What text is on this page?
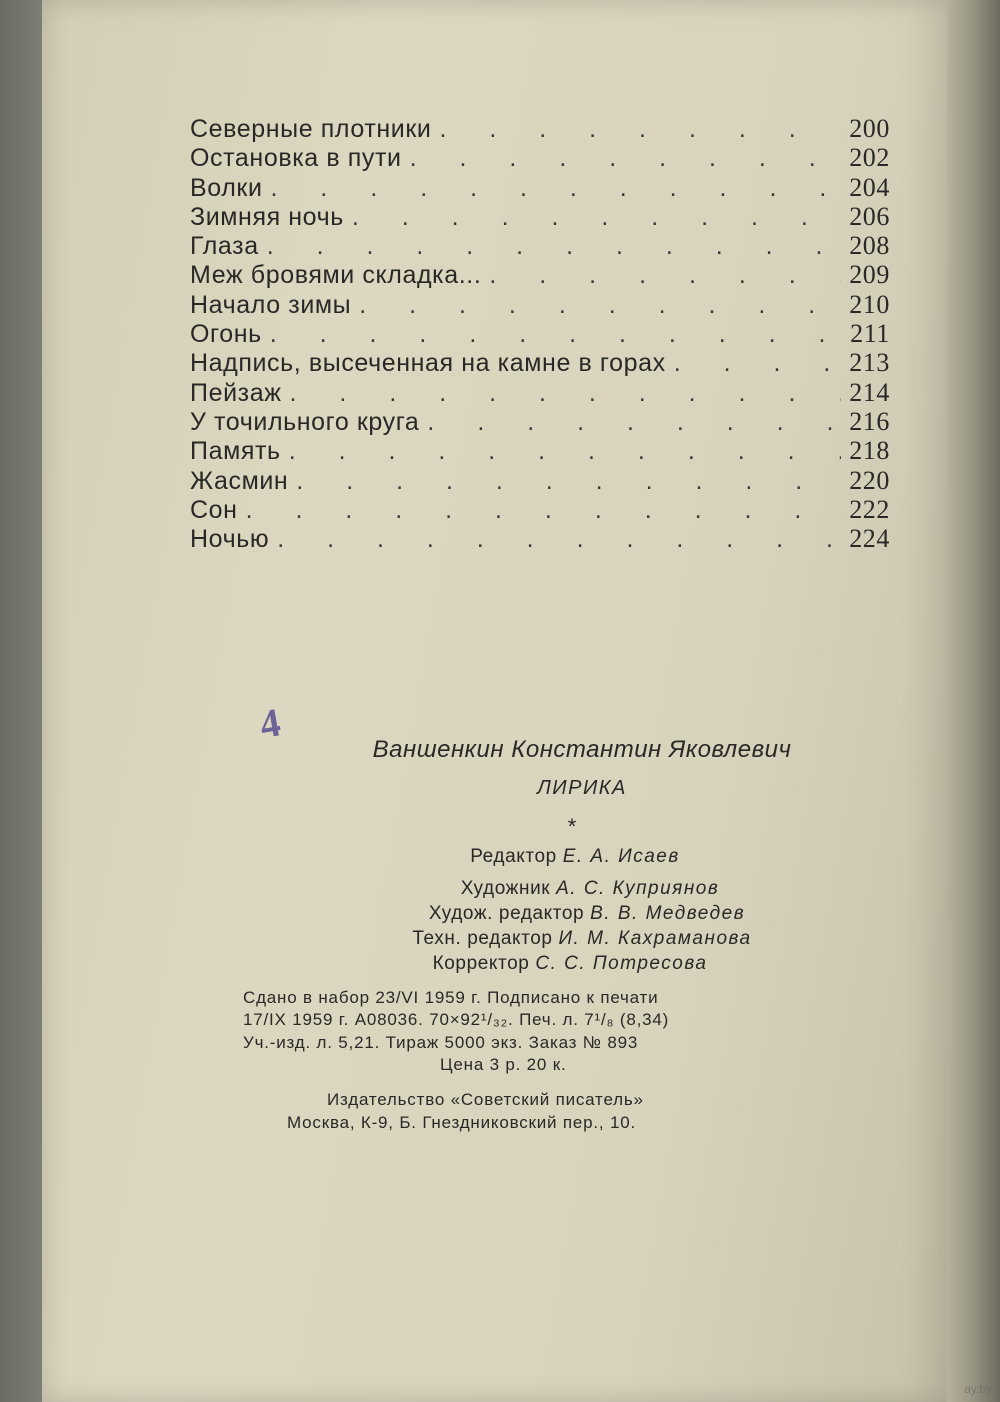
Северные плотники . . .	200
Остановка в пути . . .	202
Волки . . .	204
Зимняя ночь . . .	206
Глаза . . .	208
Меж бровями складка... . . .	209
Начало зимы . . .	210
Огонь . . .	211
Надпись, высеченная на камне в горах . . .	213
Пейзаж . . .	214
У точильного круга . . .	216
Память . . .	218
Жасмин . . .	220
Сон . . .	222
Ночью . . .	224
4
Ваншенкин Константин Яковлевич
ЛИРИКА
*
Редактор Е. А. Исаев
Художник А. С. Куприянов
Худож. редактор В. В. Медведев
Техн. редактор И. М. Кахраманова
Корректор С. С. Потресова
Сдано в набор 23/VI 1959 г. Подписано к печати
17/IX 1959 г. А08036. 70×92¹/₃₂. Печ. л. 7¹/₈ (8,34)
Уч.-изд. л. 5,21. Тираж 5000 экз. Заказ № 893
Цена 3 р. 20 к.
Издательство «Советский писатель»
Москва, К-9, Б. Гнездниковский пер., 10.
ay.by
